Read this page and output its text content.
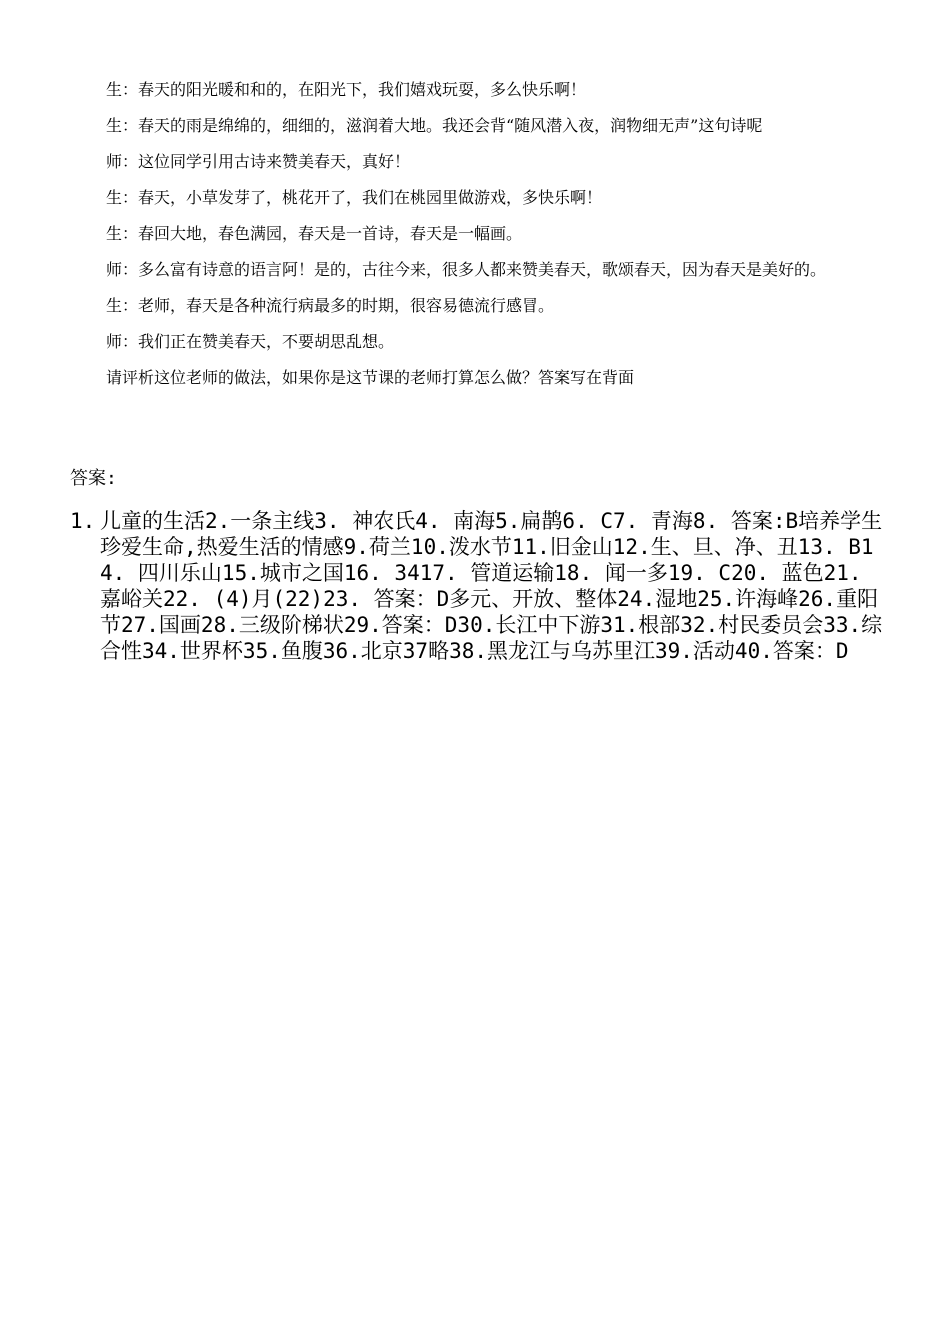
生：春天的阳光暖和和的，在阳光下，我们嬉戏玩耍，多么快乐啊！

生：春天的雨是绵绵的，细细的，滋润着大地。我还会背“随风潜入夜，润物细无声”这句诗呢

师：这位同学引用古诗来赞美春天，真好！

生：春天，小草发芽了，桃花开了，我们在桃园里做游戏，多快乐啊！

生：春回大地，春色满园，春天是一首诗，春天是一幅画。

师：多么富有诗意的语言阿！是的，古往今来，很多人都来赞美春天，歌颂春天，因为春天是美好的。

生：老师，春天是各种流行病最多的时期，很容易德流行感冒。

师：我们正在赞美春天，不要胡思乱想。

请评析这位老师的做法，如果你是这节课的老师打算怎么做？答案写在背面

答案:
1. 儿童的生活2.一条主线3. 神农氏4. 南海5.扁鹊6. C7. 青海8. 答案:B培养学生珍爱生命,热爱生活的情感9.荷兰10.泼水节11.旧金山12.生、旦、净、丑13. B14. 四川乐山15.城市之国16. 3417. 管道运输18. 闻一多19. C20. 蓝色21. 嘉峪关22. (4)月(22)23. 答案：D多元、开放、整体24.湿地25.许海峰26.重阳节27.国画28.三级阶梯状29.答案：D30.长江中下游31.根部32.村民委员会33.综合性34.世界杯35.鱼腹36.北京37略38.黑龙江与乌苏里江39.活动40.答案：D
